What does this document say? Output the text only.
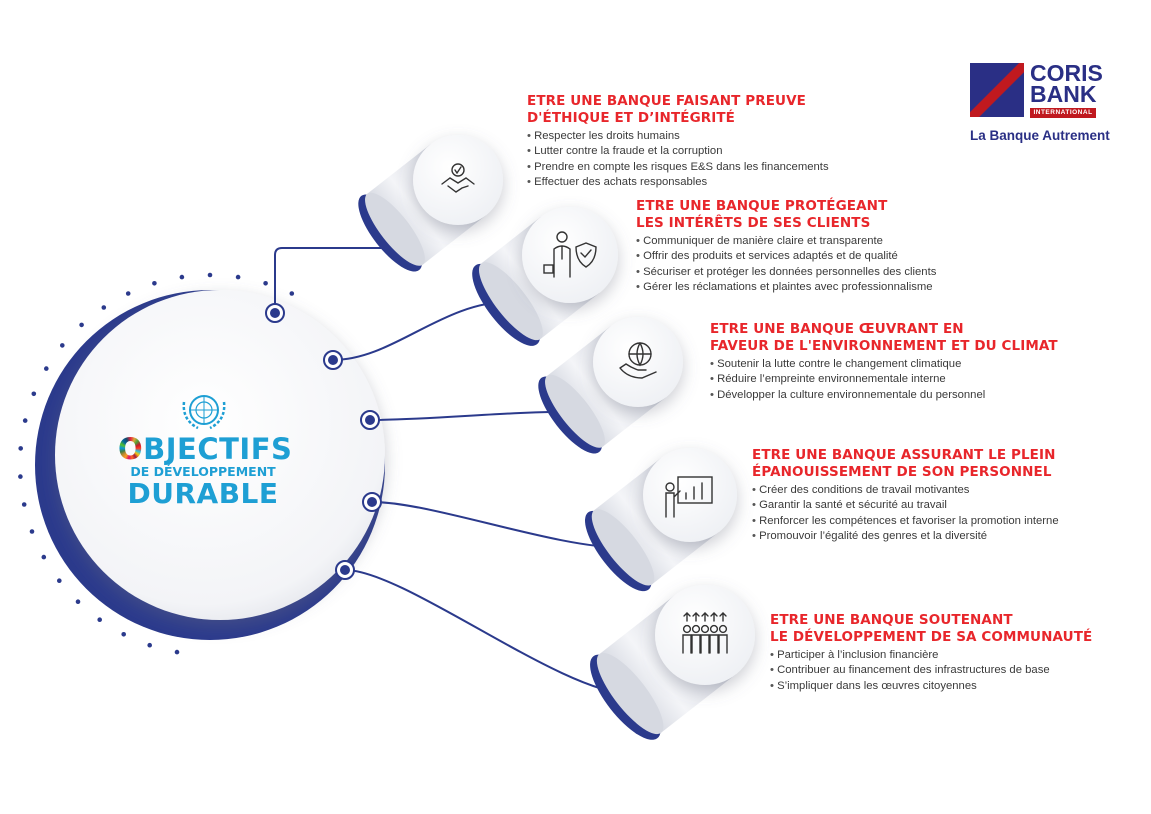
OBJECTIFS
DE DÉVELOPPEMENT
DURABLE
ETRE UNE BANQUE FAISANT PREUVE
D'ÉTHIQUE ET D’INTÉGRITÉ
• Respecter les droits humains
• Lutter contre la fraude et la corruption
• Prendre en compte les risques E&S dans les financements
• Effectuer des achats responsables
ETRE UNE BANQUE PROTÉGEANT
LES INTÉRÊTS DE SES CLIENTS
• Communiquer de manière claire et transparente
• Offrir des produits et services adaptés et de qualité
• Sécuriser et protéger les données personnelles des clients
• Gérer les réclamations et plaintes avec professionnalisme
ETRE UNE BANQUE ŒUVRANT EN
FAVEUR DE L'ENVIRONNEMENT ET DU CLIMAT
• Soutenir la lutte contre le changement climatique
• Réduire l’empreinte environnementale interne
• Développer la culture environnementale du personnel
ETRE UNE BANQUE ASSURANT LE PLEIN
ÉPANOUISSEMENT DE SON PERSONNEL
• Créer des conditions de travail motivantes
• Garantir la santé et sécurité au travail
• Renforcer les compétences et favoriser la promotion interne
• Promouvoir l’égalité des genres et la diversité
ETRE UNE BANQUE SOUTENANT
LE DÉVELOPPEMENT DE SA COMMUNAUTÉ
• Participer à l’inclusion financière
• Contribuer au financement des infrastructures de base
• S’impliquer dans les œuvres citoyennes
CORIS
BANK
INTERNATIONAL
La Banque Autrement
